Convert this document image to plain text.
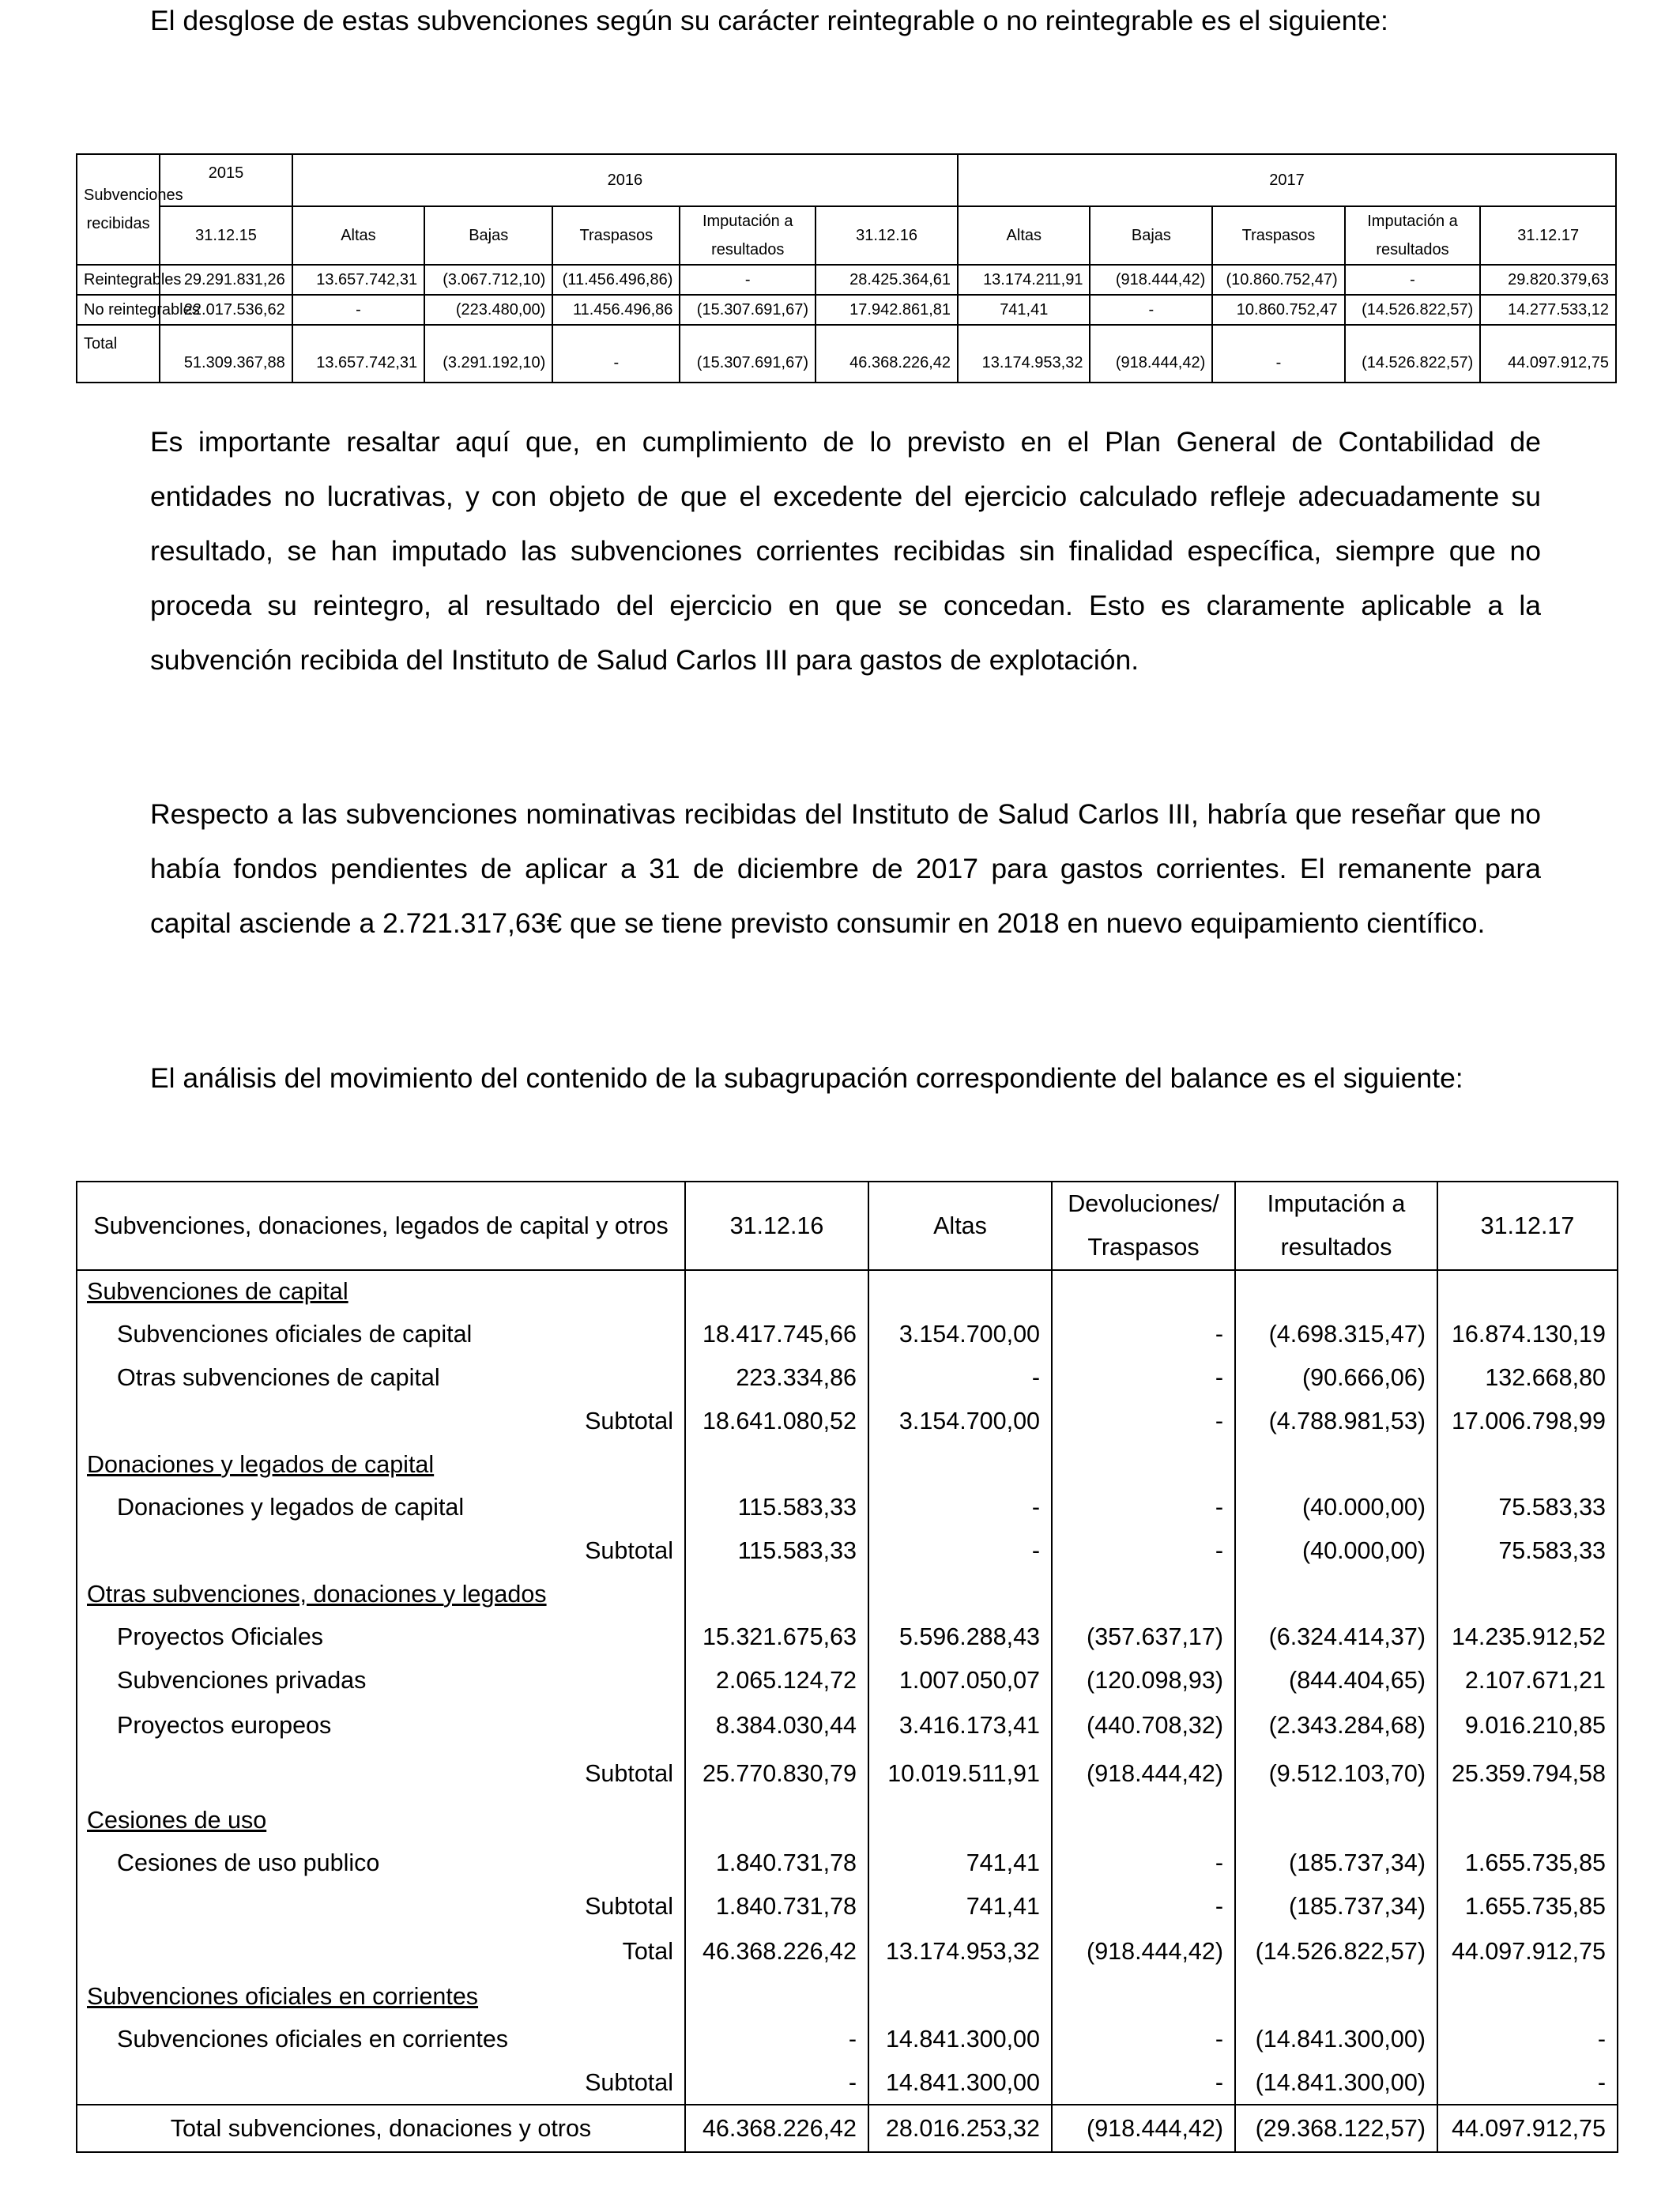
El desglose de estas subvenciones según su carácter reintegrable o no reintegrable es el siguiente:

Subvenciones recibidas	2015	2016					2017				
	31.12.15	Altas	Bajas	Traspasos	Imputación a resultados	31.12.16	Altas	Bajas	Traspasos	Imputación a resultados	31.12.17
Reintegrables	29.291.831,26	13.657.742,31	(3.067.712,10)	(11.456.496,86)	-	28.425.364,61	13.174.211,91	(918.444,42)	(10.860.752,47)	-	29.820.379,63
No reintegrables	22.017.536,62	-	(223.480,00)	11.456.496,86	(15.307.691,67)	17.942.861,81	741,41	-	10.860.752,47	(14.526.822,57)	14.277.533,12
Total	51.309.367,88	13.657.742,31	(3.291.192,10)	-	(15.307.691,67)	46.368.226,42	13.174.953,32	(918.444,42)	-	(14.526.822,57)	44.097.912,75

Es importante resaltar aquí que, en cumplimiento de lo previsto en el Plan General de Contabilidad de entidades no lucrativas, y con objeto de que el excedente del ejercicio calculado refleje adecuadamente su resultado, se han imputado las subvenciones corrientes recibidas sin finalidad específica, siempre que no proceda su reintegro, al resultado del ejercicio en que se concedan. Esto es claramente aplicable a la subvención recibida del Instituto de Salud Carlos III para gastos de explotación.

Respecto a las subvenciones nominativas recibidas del Instituto de Salud Carlos III, habría que reseñar que no había fondos pendientes de aplicar a 31 de diciembre de 2017 para gastos corrientes. El remanente para capital asciende a 2.721.317,63€ que se tiene previsto consumir en 2018 en nuevo equipamiento científico.

El análisis del movimiento del contenido de la subagrupación correspondiente del balance es el siguiente:

Subvenciones, donaciones, legados de capital y otros	31.12.16	Altas	Devoluciones/ Traspasos	Imputación a resultados	31.12.17
Subvenciones de capital					
Subvenciones oficiales de capital	18.417.745,66	3.154.700,00	-	(4.698.315,47)	16.874.130,19
Otras subvenciones de capital	223.334,86	-	-	(90.666,06)	132.668,80
Subtotal	18.641.080,52	3.154.700,00	-	(4.788.981,53)	17.006.798,99
Donaciones y legados de capital					
Donaciones y legados de capital	115.583,33	-	-	(40.000,00)	75.583,33
Subtotal	115.583,33	-	-	(40.000,00)	75.583,33
Otras subvenciones, donaciones y legados					
Proyectos Oficiales	15.321.675,63	5.596.288,43	(357.637,17)	(6.324.414,37)	14.235.912,52
Subvenciones privadas	2.065.124,72	1.007.050,07	(120.098,93)	(844.404,65)	2.107.671,21
Proyectos europeos	8.384.030,44	3.416.173,41	(440.708,32)	(2.343.284,68)	9.016.210,85
Subtotal	25.770.830,79	10.019.511,91	(918.444,42)	(9.512.103,70)	25.359.794,58
Cesiones de uso					
Cesiones de uso publico	1.840.731,78	741,41	-	(185.737,34)	1.655.735,85
Subtotal	1.840.731,78	741,41	-	(185.737,34)	1.655.735,85
Total	46.368.226,42	13.174.953,32	(918.444,42)	(14.526.822,57)	44.097.912,75
Subvenciones oficiales en corrientes					
Subvenciones oficiales en corrientes	-	14.841.300,00	-	(14.841.300,00)	-
Subtotal	-	14.841.300,00	-	(14.841.300,00)	-
Total subvenciones, donaciones y otros	46.368.226,42	28.016.253,32	(918.444,42)	(29.368.122,57)	44.097.912,75
